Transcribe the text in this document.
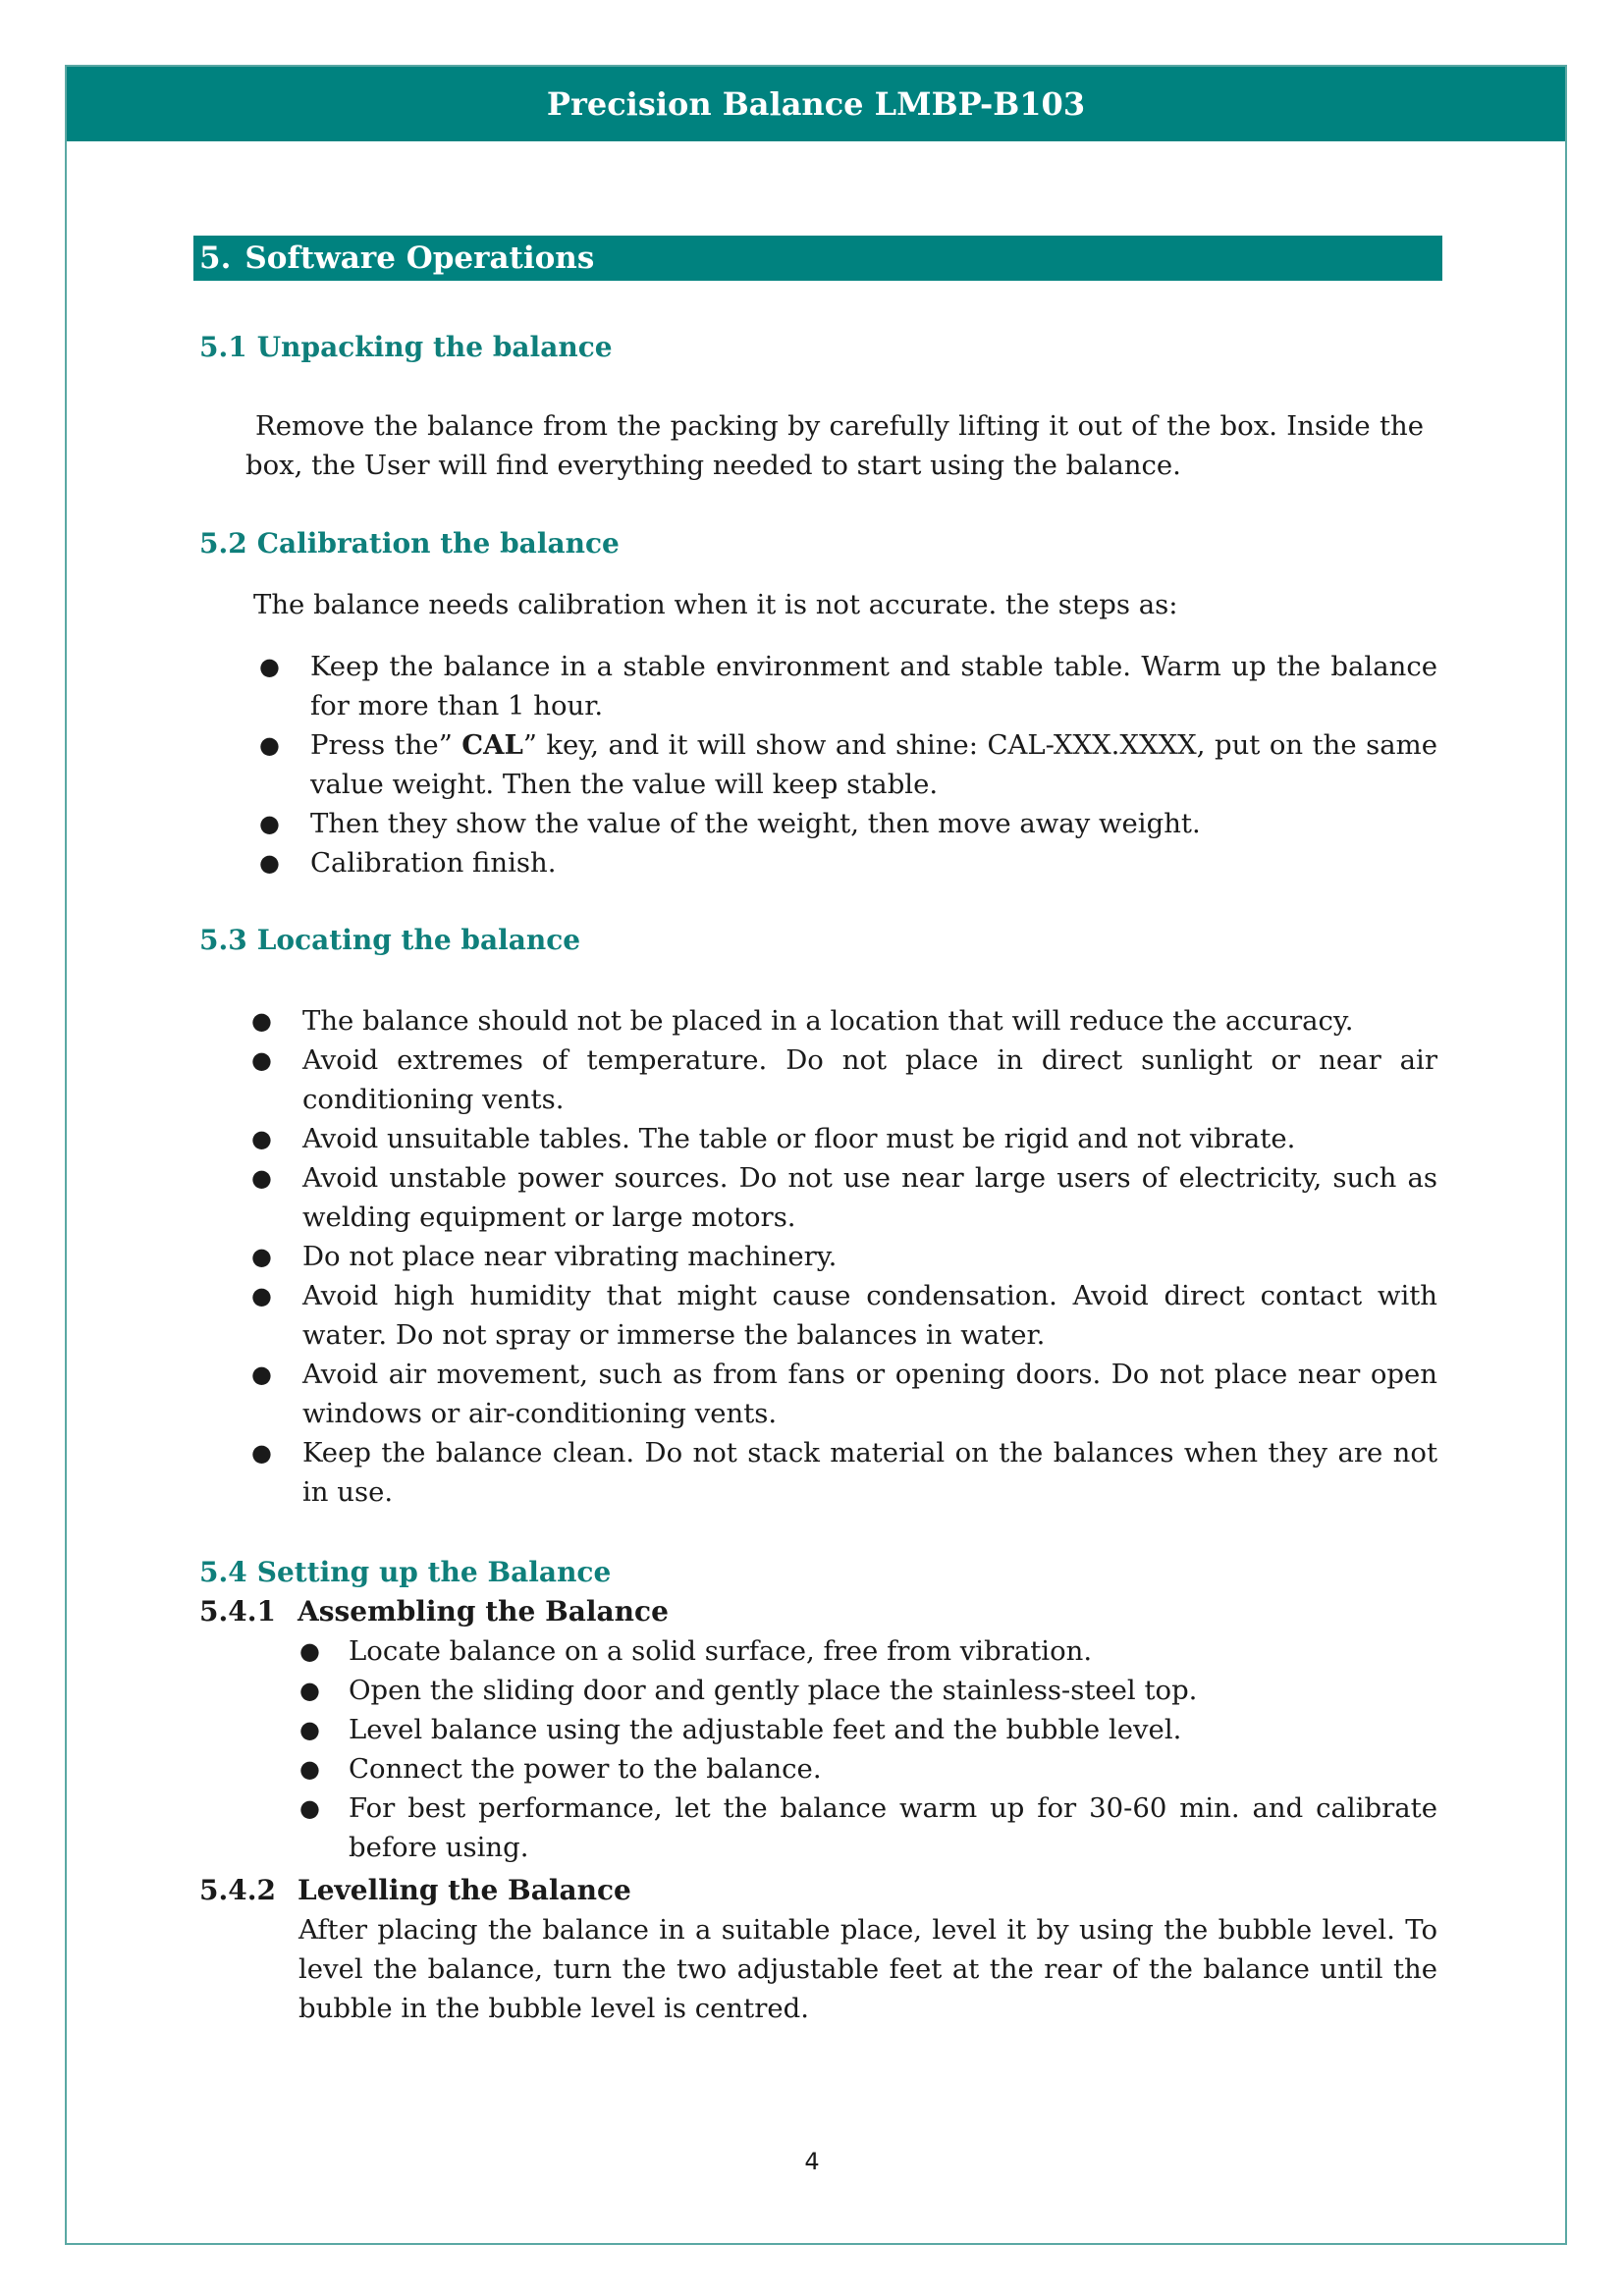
Precision Balance LMBP-B103
5. Software Operations
5.1 Unpacking the balance
Remove the balance from the packing by carefully lifting it out of the box. Inside the box, the User will find everything needed to start using the balance.
5.2 Calibration the balance
The balance needs calibration when it is not accurate. the steps as:
● Keep the balance in a stable environment and stable table. Warm up the balance for more than 1 hour.
● Press the” CAL” key, and it will show and shine: CAL-XXX.XXXX, put on the same value weight. Then the value will keep stable.
● Then they show the value of the weight, then move away weight.
● Calibration finish.
5.3 Locating the balance
● The balance should not be placed in a location that will reduce the accuracy.
● Avoid extremes of temperature. Do not place in direct sunlight or near air conditioning vents.
● Avoid unsuitable tables. The table or floor must be rigid and not vibrate.
● Avoid unstable power sources. Do not use near large users of electricity, such as welding equipment or large motors.
● Do not place near vibrating machinery.
● Avoid high humidity that might cause condensation. Avoid direct contact with water. Do not spray or immerse the balances in water.
● Avoid air movement, such as from fans or opening doors. Do not place near open windows or air-conditioning vents.
● Keep the balance clean. Do not stack material on the balances when they are not in use.
5.4 Setting up the Balance
5.4.1 Assembling the Balance
● Locate balance on a solid surface, free from vibration.
● Open the sliding door and gently place the stainless-steel top.
● Level balance using the adjustable feet and the bubble level.
● Connect the power to the balance.
● For best performance, let the balance warm up for 30-60 min. and calibrate before using.
5.4.2 Levelling the Balance
After placing the balance in a suitable place, level it by using the bubble level. To level the balance, turn the two adjustable feet at the rear of the balance until the bubble in the bubble level is centred.
4
